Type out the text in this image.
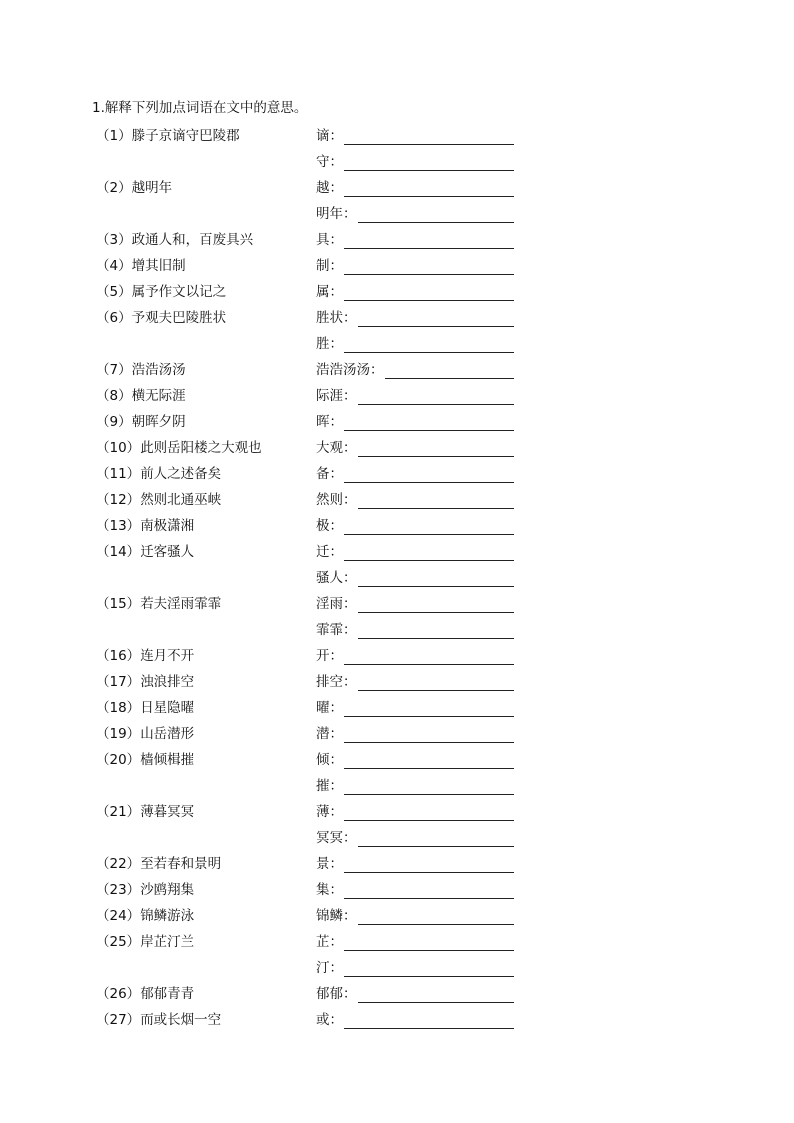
1.解释下列加点词语在文中的意思。
（1）滕子京谪守巴陵郡	谪：
守：
（2）越明年	越：
明年：
（3）政通人和，百废具兴	具：
（4）增其旧制	制：
（5）属予作文以记之	属：
（6）予观夫巴陵胜状	胜状：
胜：
（7）浩浩汤汤	浩浩汤汤：
（8）横无际涯	际涯：
（9）朝晖夕阴	晖：
（10）此则岳阳楼之大观也	大观：
（11）前人之述备矣	备：
（12）然则北通巫峡	然则：
（13）南极潇湘	极：
（14）迁客骚人	迁：
骚人：
（15）若夫淫雨霏霏	淫雨：
霏霏：
（16）连月不开	开：
（17）浊浪排空	排空：
（18）日星隐曜	曜：
（19）山岳潜形	潜：
（20）樯倾楫摧	倾：
摧：
（21）薄暮冥冥	薄：
冥冥：
（22）至若春和景明	景：
（23）沙鸥翔集	集：
（24）锦鳞游泳	锦鳞：
（25）岸芷汀兰	芷：
汀：
（26）郁郁青青	郁郁：
（27）而或长烟一空	或：
